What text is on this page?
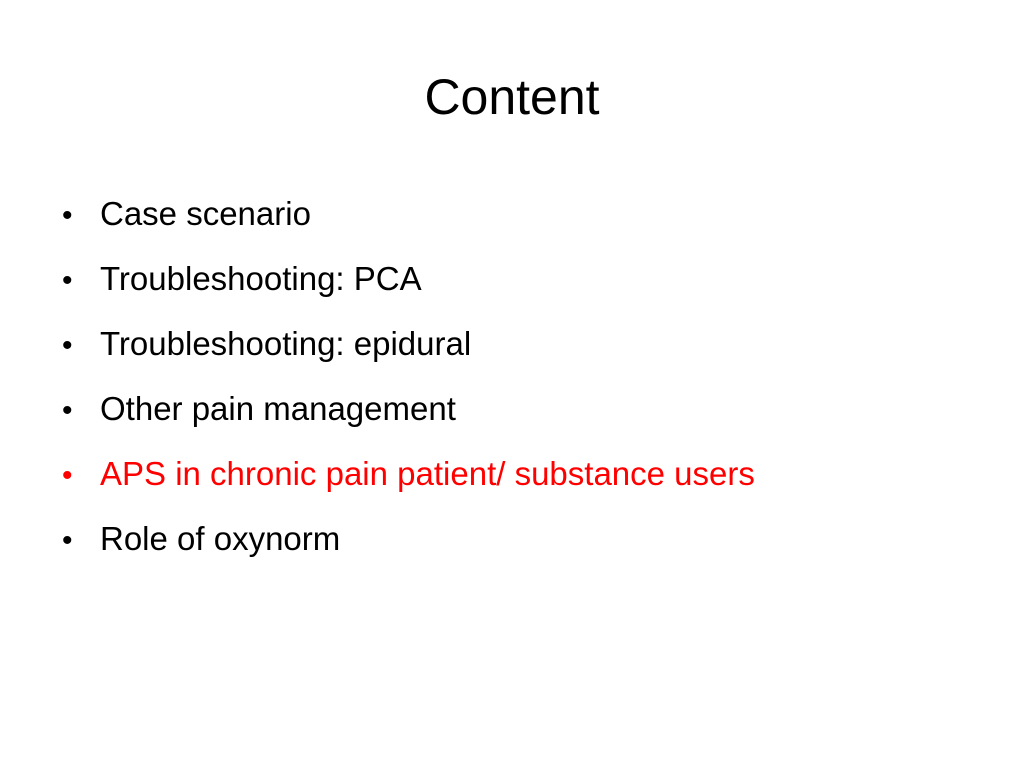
Content
• Case scenario
• Troubleshooting: PCA
• Troubleshooting: epidural
• Other pain management
• APS in chronic pain patient/ substance users
• Role of oxynorm
